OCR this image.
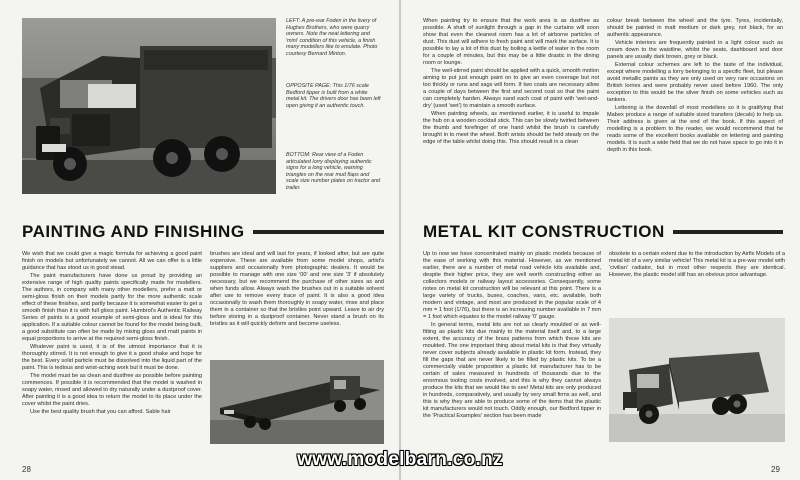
LEFT: A pre-war Foden in the livery of Hughes Brothers, who were quarry owners. Note the neat lettering and 'mini' condition of this vehicle, a finish many modellers like to emulate. Photo courtesy Bernard Minton.
OPPOSITE PAGE: This 1/76 scale Bedford tipper is built from a white metal kit. The drivers door has been left open giving it an authentic touch.
BOTTOM: Rear view of a Foden articulated lorry displaying authentic signs for a long vehicle, warning triangles on the rear mud flaps and scale size number plates on tractor and trailer.
PAINTING AND FINISHING

We wish that we could give a magic formula for achieving a good paint finish on models but unfortunately we cannot. All we can offer is a little guidance that has stood us in good stead.

The paint manufacturers have done us proud by providing an extensive range of high quality paints specifically made for modellers. The authors, in company with many other modellers, prefer a matt or semi-gloss finish on their models partly for the more authentic scale effect of these finishes, and partly because it is somewhat easier to get a smooth finish than it is with full gloss paint. Humbrol's Authentic Railway Series of paints is a good example of semi-gloss and is ideal for this application. If a suitable colour cannot be found for the model being built, a good substitute can often be made by mixing gloss and matt paints in equal proportions to arrive at the required semi-gloss finish.

Whatever paint is used, it is of the utmost importance that it is thoroughly stirred. It is not enough to give it a good shake and hope for the best. Every solid particle must be dissolved into the liquid part of the paint. This is tedious and wrist-aching work but it must be done.

The model must be as clean and dustfree as possible before painting commences. If possible it is recommended that the model is washed in soapy water, rinsed and allowed to dry naturally under a dustproof cover. After painting it is a good idea to return the model to its place under the cover whilst the paint dries.

Use the best quality brush that you can afford. Sable hair

brushes are ideal and will last for years, if looked after, but are quite expensive. These are available from some model shops, artist's suppliers and occasionally from photographic dealers. It would be possible to manage with one size '00' and one size '3' if absolutely necessary, but we recommend the purchase of other sizes as and when funds allow. Always wash the brushes out in a suitable solvent after use to remove every trace of paint. It is also a good idea occasionally to wash them thoroughly in soapy water, rinse and place them in a container so that the bristles point upward. Leave to air dry before storing in a dustproof container. Never stand a brush on its bristles as it will quickly deform and become useless.

28

When painting try to ensure that the work area is as dustfree as possible. A shaft of sunlight through a gap in the curtains will soon show that even the cleanest room has a lot of airborne particles of dust. This dust will adhere to fresh paint and will mark the surface. It is possible to lay a lot of this dust by boiling a kettle of water in the room for a couple of minutes, but this may be a little drastic in the dining room or lounge.

The well-stirred paint should be applied with a quick, smooth motion aiming to put just enough paint on to give an even coverage but not too thickly or runs and sags will form. If two coats are necessary allow a couple of days between the first and second coat so that the paint can completely harden. Always sand each coat of paint with 'wet-and-dry' (used 'wet') to maintain a smooth surface.

When painting wheels, as mentioned earlier, it is useful to impale the hub on a wooden cocktail stick. This can be slowly twirled between the thumb and forefinger of one hand whilst the brush is carefully brought in to meet the wheel. Both wrists should be held steady on the edge of the table whilst doing this. This should result in a clean

colour break between the wheel and the tyre. Tyres, incidentally, should be painted in matt medium or dark grey, not black, for an authentic appearance.

Vehicle interiors are frequently painted in a light colour such as cream down to the waistline, whilst the seats, dashboard and door panels are usually dark brown, grey or black.

External colour schemes are left to the taste of the individual, except where modelling a lorry belonging to a specific fleet, but please avoid metallic paints as they are only used on very rare occasions on British lorries and were probably never used before 1960. The only exception to this would be the silver finish on some vehicles such as tankers.

Lettering is the downfall of most modellers so it is gratifying that Mabex produce a range of suitable sized transfers (decals) to help us. Their address is given at the end of the book. If this aspect of modelling is a problem to the reader, we would recommend that he reads some of the excellent books available on lettering and painting models. It is such a wide field that we do not have space to go into it in depth in this book.

METAL KIT CONSTRUCTION

Up to now we have concentrated mainly on plastic models because of the ease of working with this material. However, as we mentioned earlier, there are a number of metal road vehicle kits available and, despite their higher price, they are well worth constructing either as collectors models or railway layout accessories. Consequently, some notes on metal kit construction will be relevant at this point. There is a large variety of trucks, buses, coaches, vans, etc. available, both modern and vintage, and most are produced in the popular scale of 4 mm = 1 foot (1/76), but there is an increasing number available in 7 mm = 1 foot which equates to the model railway '0' gauge.

In general terms, metal kits are not as clearly moulded or as well-fitting as plastic kits due mainly to the material itself and, to a large extent, the accuracy of the brass patterns from which these kits are moulded. The one important thing about metal kits is that they virtually never cover subjects already available in plastic kit form. Instead, they fill the gaps that are never likely to be filled by plastic kits. To be a commercially viable proposition a plastic kit manufacturer has to be certain of sales measured in hundreds of thousands due to the enormous tooling costs involved, and this is why they cannot always produce the kits that we would like to see! Metal kits are only produced in hundreds, comparatively, and usually by very small firms as well, and this is why they are able to produce some of the items that the plastic kit manufacturers would not touch. Oddly enough, our Bedford tipper in the 'Practical Examples' section has been made

obsolete to a certain extent due to the introduction by Airfix Models of a metal kit of a very similar vehicle! This metal kit is a pre-war model with 'civilian' radiator, but in most other respects they are identical. However, the plastic model still has an obvious price advantage.

29
www.modelbarn.co.nz
